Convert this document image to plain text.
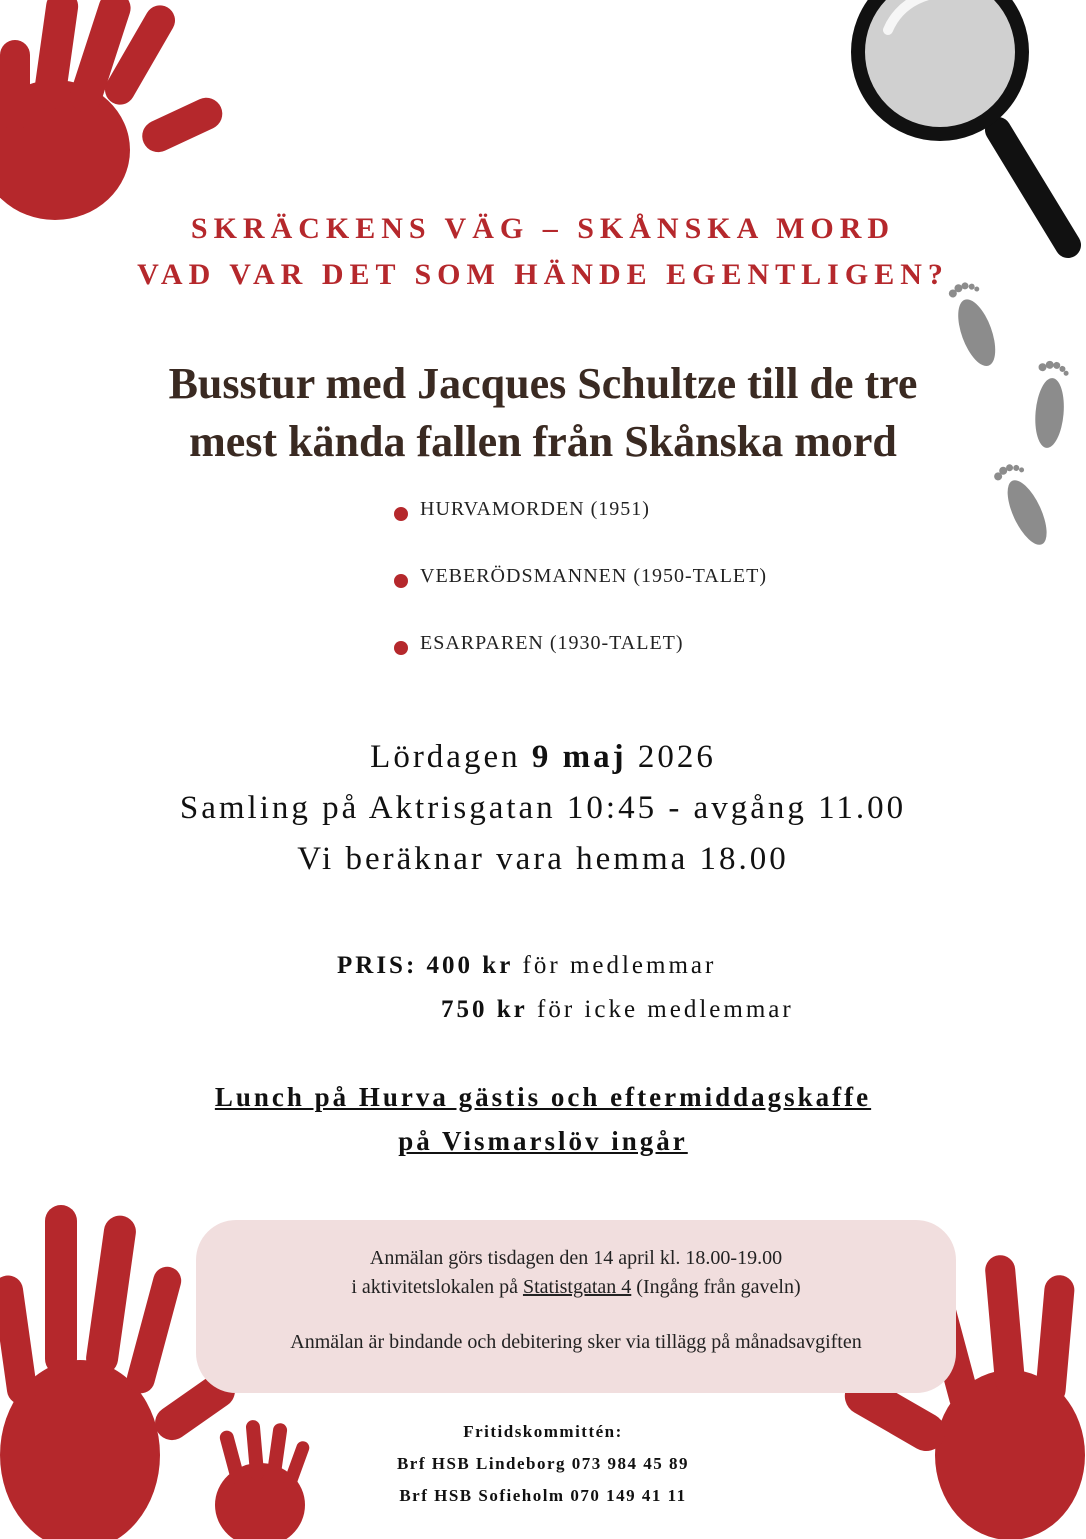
SKRÄCKENS VÄG – SKÅNSKA MORD
VAD VAR DET SOM HÄNDE EGENTLIGEN?
Busstur med Jacques Schultze till de tre
mest kända fallen från Skånska mord
HURVAMORDEN (1951)
VEBERÖDSMANNEN (1950-TALET)
ESARPAREN (1930-TALET)
Lördagen 9 maj 2026
Samling på Aktrisgatan 10:45 - avgång 11.00
Vi beräknar vara hemma 18.00
PRIS: 400 kr för medlemmar
750 kr för icke medlemmar
Lunch på Hurva gästis och eftermiddagskaffe
på Vismarslöv ingår
Anmälan görs tisdagen den 14 april kl. 18.00-19.00
i aktivitetslokalen på Statistgatan 4 (Ingång från gaveln)
Anmälan är bindande och debitering sker via tillägg på månadsavgiften
Fritidskommittén:
Brf HSB Lindeborg 073 984 45 89
Brf HSB Sofieholm 070 149 41 11
